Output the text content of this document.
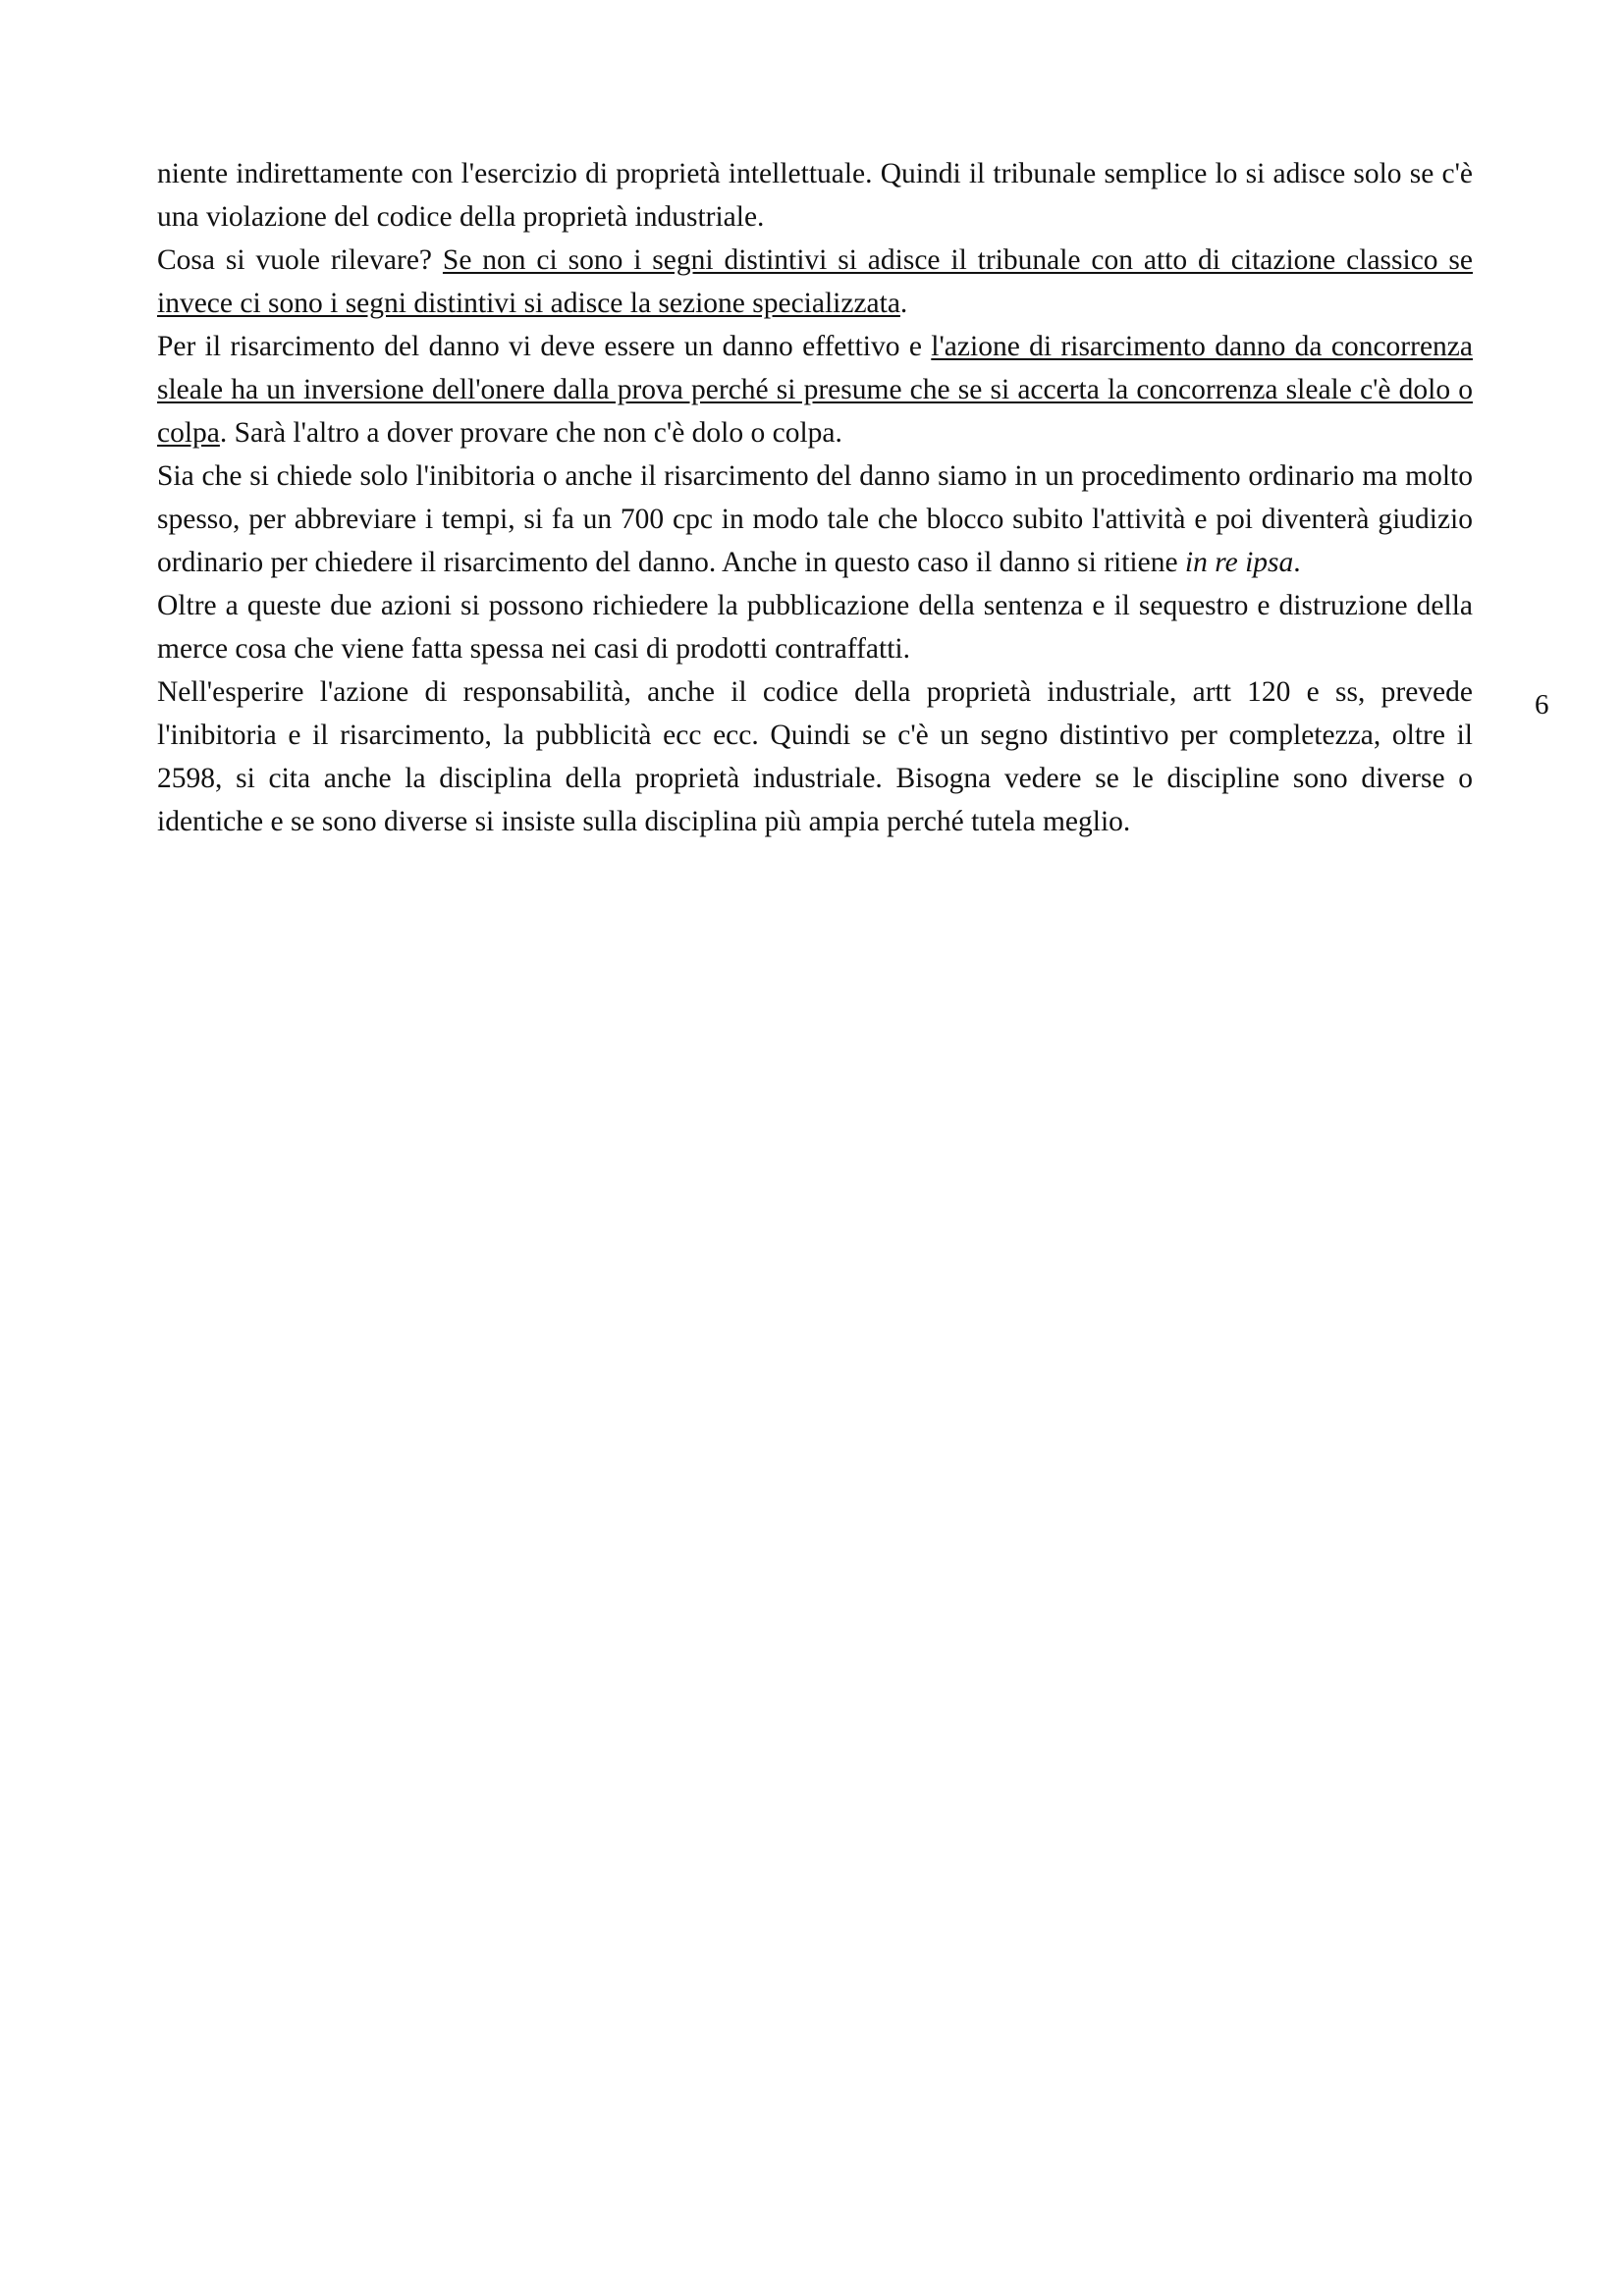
niente indirettamente con l'esercizio di proprietà intellettuale. Quindi il tribunale semplice lo si adisce solo se c'è una violazione del codice della proprietà industriale.

Cosa si vuole rilevare? Se non ci sono i segni distintivi si adisce il tribunale con atto di citazione classico se invece ci sono i segni distintivi si adisce la sezione specializzata.

Per il risarcimento del danno vi deve essere un danno effettivo e l'azione di risarcimento danno da concorrenza sleale ha un inversione dell'onere dalla prova perché si presume che se si accerta la concorrenza sleale c'è dolo o colpa. Sarà l'altro a dover provare che non c'è dolo o colpa.

Sia che si chiede solo l'inibitoria o anche il risarcimento del danno siamo in un procedimento ordinario ma molto spesso, per abbreviare i tempi, si fa un 700 cpc in modo tale che blocco subito l'attività e poi diventerà giudizio ordinario per chiedere il risarcimento del danno. Anche in questo caso il danno si ritiene in re ipsa.

Oltre a queste due azioni si possono richiedere la pubblicazione della sentenza e il sequestro e distruzione della merce cosa che viene fatta spessa nei casi di prodotti contraffatti.

Nell'esperire l'azione di responsabilità, anche il codice della proprietà industriale, artt 120 e ss, prevede l'inibitoria e il risarcimento, la pubblicità ecc ecc. Quindi se c'è un segno distintivo per completezza, oltre il 2598, si cita anche la disciplina della proprietà industriale. Bisogna vedere se le discipline sono diverse o identiche e se sono diverse si insiste sulla disciplina più ampia perché tutela meglio.

6
